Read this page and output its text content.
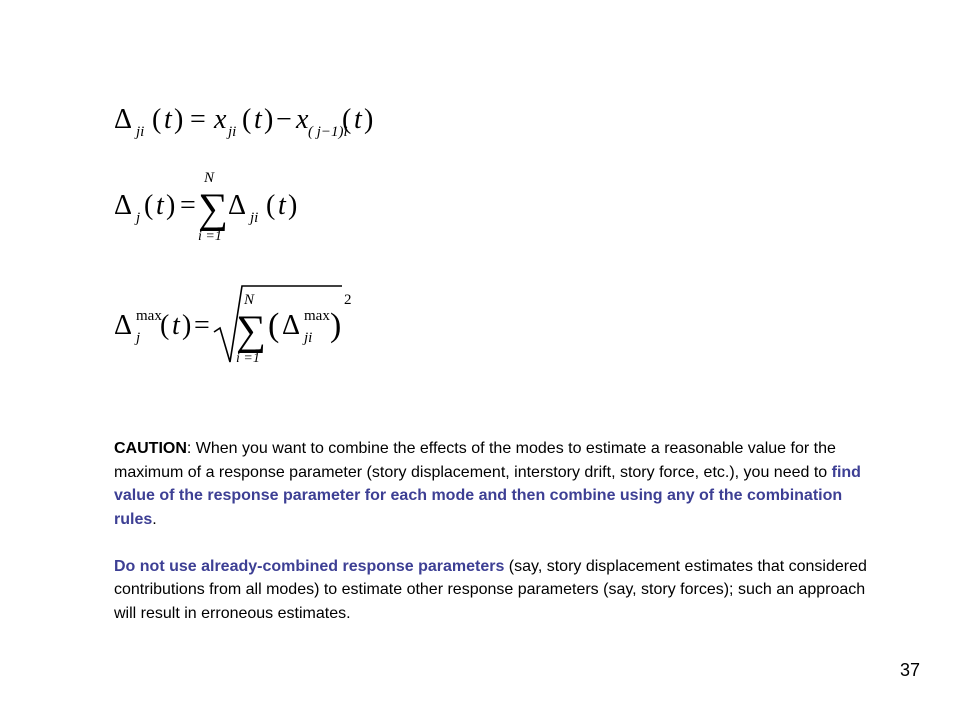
Δ ji ( t ) = x ji ( t ) − x ( j−1)i
( t )
Δ j ( t ) =
N
∑
i =1
Δ ji ( t )
Δ j
max
( t ) =
N
∑
i =1
( Δ ji
max )
2

CAUTION: When you want to combine the effects of the modes to estimate a reasonable value for the maximum of a response parameter (story displacement, interstory drift, story force, etc.), you need to find value of the response parameter for each mode and then combine using any of the combination rules.

Do not use already-combined response parameters (say, story displacement estimates that considered contributions from all modes) to estimate other response parameters (say, story forces); such an approach will result in erroneous estimates.

37
